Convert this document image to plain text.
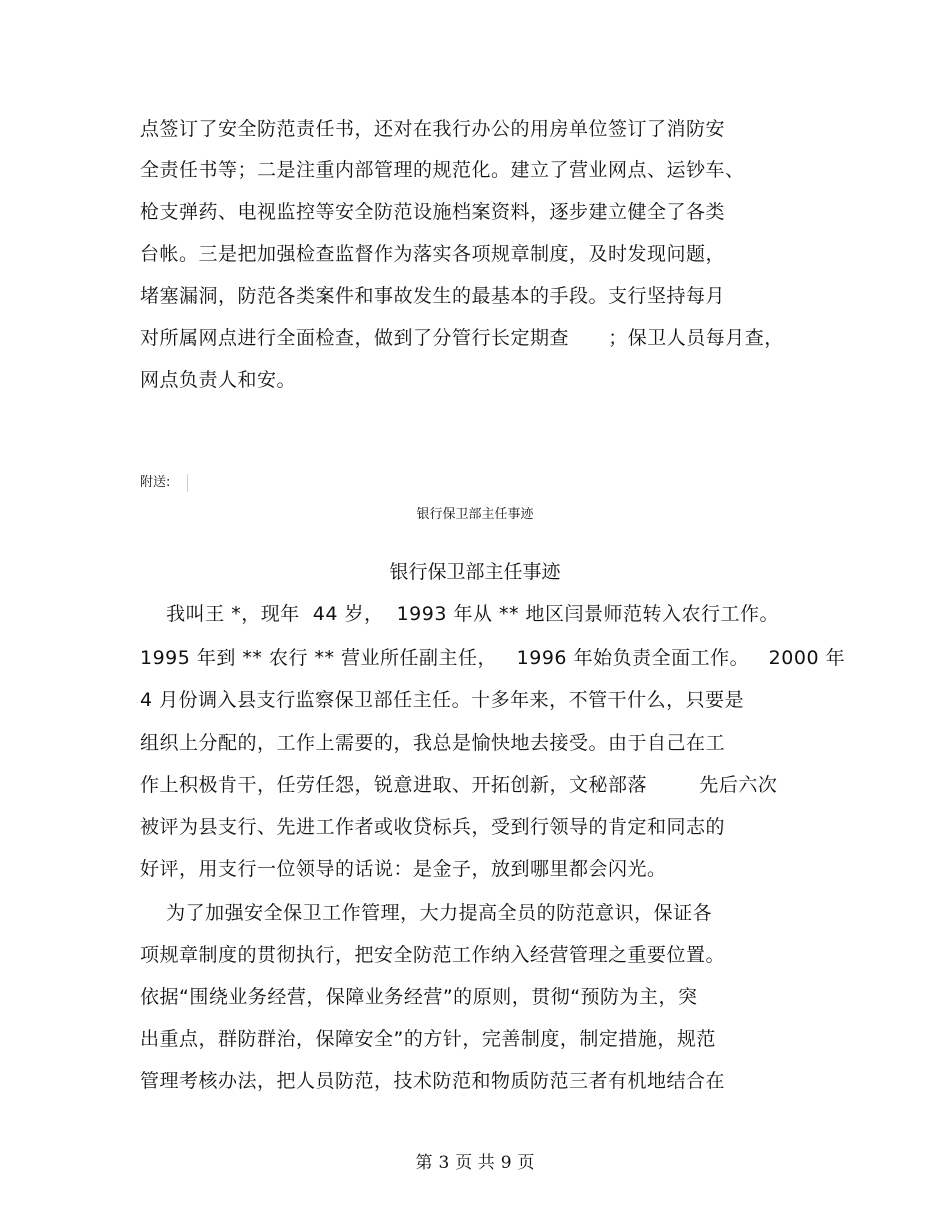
点签订了安全防范责任书，还对在我行办公的用房单位签订了消防安
全责任书等；二是注重内部管理的规范化。建立了营业网点、运钞车、
枪支弹药、电视监控等安全防范设施档案资料，逐步建立健全了各类
台帐。三是把加强检查监督作为落实各项规章制度，及时发现问题，
堵塞漏洞，防范各类案件和事故发生的最基本的手段。支行坚持每月
对所属网点进行全面检查，做到了分管行长定期查      ；保卫人员每月查，
网点负责人和安。
附送:
银行保卫部主任事迹
银行保卫部主任事迹
我叫王 *，现年  44 岁，  1993 年从 ** 地区闫景师范转入农行工作。
1995 年到 ** 农行 ** 营业所任副主任，   1996 年始负责全面工作。   2000 年
4 月份调入县支行监察保卫部任主任。十多年来，不管干什么，只要是
组织上分配的，工作上需要的，我总是愉快地去接受。由于自己在工
作上积极肯干，任劳任怨，锐意进取、开拓创新，文秘部落        先后六次
被评为县支行、先进工作者或收贷标兵，受到行领导的肯定和同志的
好评，用支行一位领导的话说：是金子，放到哪里都会闪光。
为了加强安全保卫工作管理，大力提高全员的防范意识，保证各
项规章制度的贯彻执行，把安全防范工作纳入经营管理之重要位置。
依据“围绕业务经营，保障业务经营”的原则，贯彻“预防为主，突
出重点，群防群治，保障安全”的方针，完善制度，制定措施，规范
管理考核办法，把人员防范，技术防范和物质防范三者有机地结合在
第 3 页 共 9 页
